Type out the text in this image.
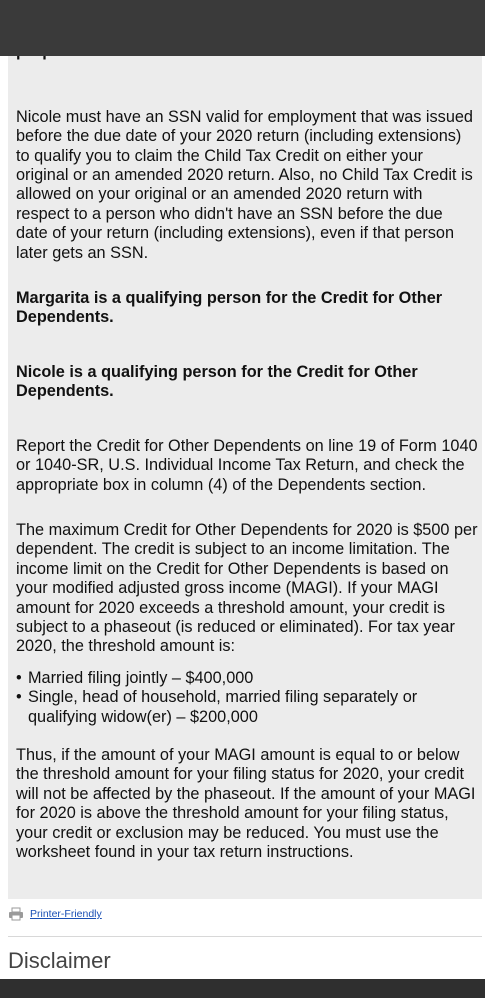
Nicole must have an SSN valid for employment that was issued before the due date of your 2020 return (including extensions) to qualify you to claim the Child Tax Credit on either your original or an amended 2020 return. Also, no Child Tax Credit is allowed on your original or an amended 2020 return with respect to a person who didn't have an SSN before the due date of your return (including extensions), even if that person later gets an SSN.

Margarita is a qualifying person for the Credit for Other Dependents.

Nicole is a qualifying person for the Credit for Other Dependents.

Report the Credit for Other Dependents on line 19 of Form 1040 or 1040-SR, U.S. Individual Income Tax Return, and check the appropriate box in column (4) of the Dependents section.

The maximum Credit for Other Dependents for 2020 is $500 per dependent. The credit is subject to an income limitation. The income limit on the Credit for Other Dependents is based on your modified adjusted gross income (MAGI). If your MAGI amount for 2020 exceeds a threshold amount, your credit is subject to a phaseout (is reduced or eliminated). For tax year 2020, the threshold amount is:

• Married filing jointly – $400,000
• Single, head of household, married filing separately or qualifying widow(er) – $200,000

Thus, if the amount of your MAGI amount is equal to or below the threshold amount for your filing status for 2020, your credit will not be affected by the phaseout. If the amount of your MAGI for 2020 is above the threshold amount for your filing status, your credit or exclusion may be reduced. You must use the worksheet found in your tax return instructions.

Printer-Friendly
Disclaimer
